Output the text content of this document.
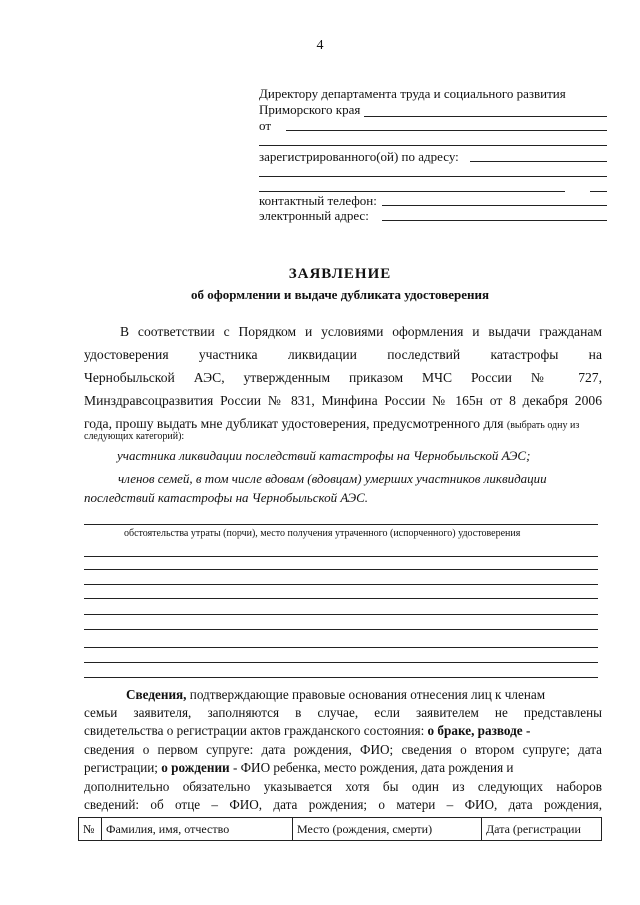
4
Директору департамента труда и социального развития
Приморского края
от
зарегистрированного(ой) по адресу:
контактный телефон:
электронный адрес:
ЗАЯВЛЕНИЕ
об оформлении и выдаче дубликата удостоверения
В соответствии с Порядком и условиями оформления и выдачи гражданам
удостоверения участника ликвидации последствий катастрофы на
Чернобыльской АЭС, утвержденным приказом МЧС России № 727,
Минздравсоцразвития России № 831, Минфина России № 165н от 8 декабря 2006
года, прошу выдать мне дубликат удостоверения, предусмотренного для (выбрать одну из
следующих категорий):
участника ликвидации последствий катастрофы на Чернобыльской АЭС;
членов семей, в том числе вдовам (вдовцам) умерших участников ликвидации
последствий катастрофы на Чернобыльской АЭС.
обстоятельства утраты (порчи), место получения утраченного (испорченного) удостоверения
Сведения, подтверждающие правовые основания отнесения лиц к членам
семьи заявителя, заполняются в случае, если заявителем не представлены
свидетельства о регистрации актов гражданского состояния: о браке, разводе -
сведения о первом супруге: дата рождения, ФИО; сведения о втором супруге; дата
регистрации; о рождении - ФИО ребенка, место рождения, дата рождения и
дополнительно обязательно указывается хотя бы один из следующих наборов
сведений: об отце – ФИО, дата рождения; о матери – ФИО, дата рождения,
№	Фамилия, имя, отчество	Место (рождения, смерти)	Дата (регистрации
